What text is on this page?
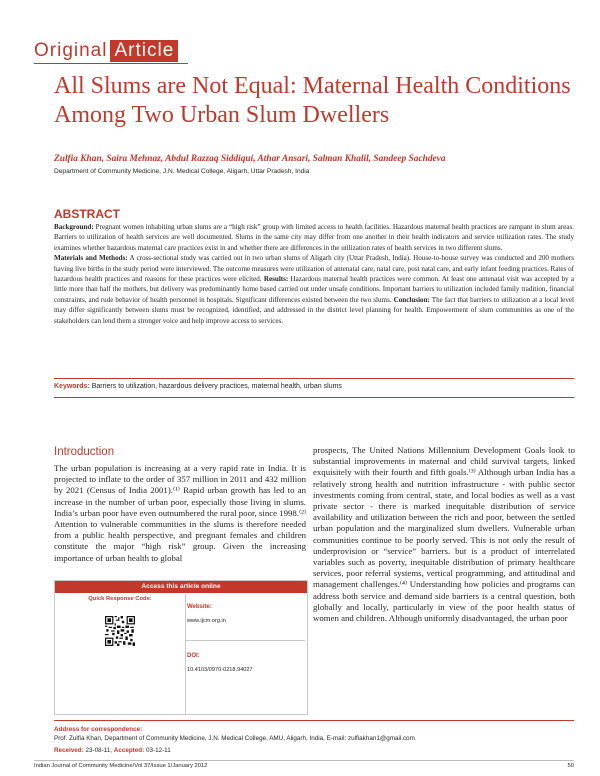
Original Article
All Slums are Not Equal: Maternal Health Conditions Among Two Urban Slum Dwellers
Zulfia Khan, Saira Mehnaz, Abdul Razzaq Siddiqui, Athar Ansari, Salman Khalil, Sandeep Sachdeva
Department of Community Medicine, J.N. Medical College, Aligarh, Uttar Pradesh, India
ABSTRACT
Background: Pregnant women inhabiting urban slums are a “high risk” group with limited access to health facilities. Hazardous maternal health practices are rampant in slum areas. Barriers to utilization of health services are well documented. Slums in the same city may differ from one another in their health indicators and service utilization rates. The study examines whether hazardous maternal care practices exist in and whether there are differences in the utilization rates of health services in two different slums.
Materials and Methods: A cross-sectional study was carried out in two urban slums of Aligarh city (Uttar Pradesh, India). House-to-house survey was conducted and 200 mothers having live births in the study period were interviewed. The outcome measures were utilization of antenatal care, natal care, post natal care, and early infant feeding practices. Rates of hazardous health practices and reasons for these practices were elicited. Results: Hazardous maternal health practices were common. At least one antenatal visit was accepted by a little more than half the mothers, but delivery was predominantly home based carried out under unsafe conditions. Important barriers to utilization included family tradition, financial constraints, and rude behavior of health personnel in hospitals. Significant differences existed between the two slums. Conclusion: The fact that barriers to utilization at a local level may differ significantly between slums must be recognized, identified, and addressed in the district level planning for health. Empowerment of slum communities as one of the stakeholders can lend them a stronger voice and help improve access to services.
Keywords: Barriers to utilization, hazardous delivery practices, maternal health, urban slums
Introduction
The urban population is increasing at a very rapid rate in India. It is projected to inflate to the order of 357 million in 2011 and 432 million by 2021 (Census of India 2001).⁽¹⁾ Rapid urban growth has led to an increase in the number of urban poor, especially those living in slums. India’s urban poor have even outnumbered the rural poor, since 1998.⁽²⁾ Attention to vulnerable communities in the slums is therefore needed from a public health perspective, and pregnant females and children constitute the major “high risk” group. Given the increasing importance of urban health to global
prospects, The United Nations Millennium Development Goals look to substantial improvements in maternal and child survival targets, linked exquisitely with their fourth and fifth goals.⁽³⁾ Although urban India has a relatively strong health and nutrition infrastructure - with public sector investments coming from central, state, and local bodies as well as a vast private sector - there is marked inequitable distribution of service availability and utilization between the rich and poor, between the settled urban population and the marginalized slum dwellers. Vulnerable urban communities continue to be poorly served. This is not only the result of underprovision or “service” barriers. but is a product of interrelated variables such as poverty, inequitable distribution of primary healthcare services, poor referral systems, vertical programming, and attitudinal and management challenges.⁽⁴⁾ Understanding how policies and programs can address both service and demand side barriers is a central question, both globally and locally, particularly in view of the poor health status of women and children. Although uniformly disadvantaged, the urban poor
Access this article online
Quick Response Code:
Website:
www.ijcm.org.in
DOI:
10.4103/0970-0218.94027
Address for correspondence:
Prof. Zulfia Khan, Department of Community Medicine, J.N. Medical College, AMU, Aligarh, India. E-mail: zulfiakhan1@gmail.com
Received: 23-08-11, Accepted: 03-12-11
Indian Journal of Community Medicine/Vol 37/Issue 1/January 2012	50
